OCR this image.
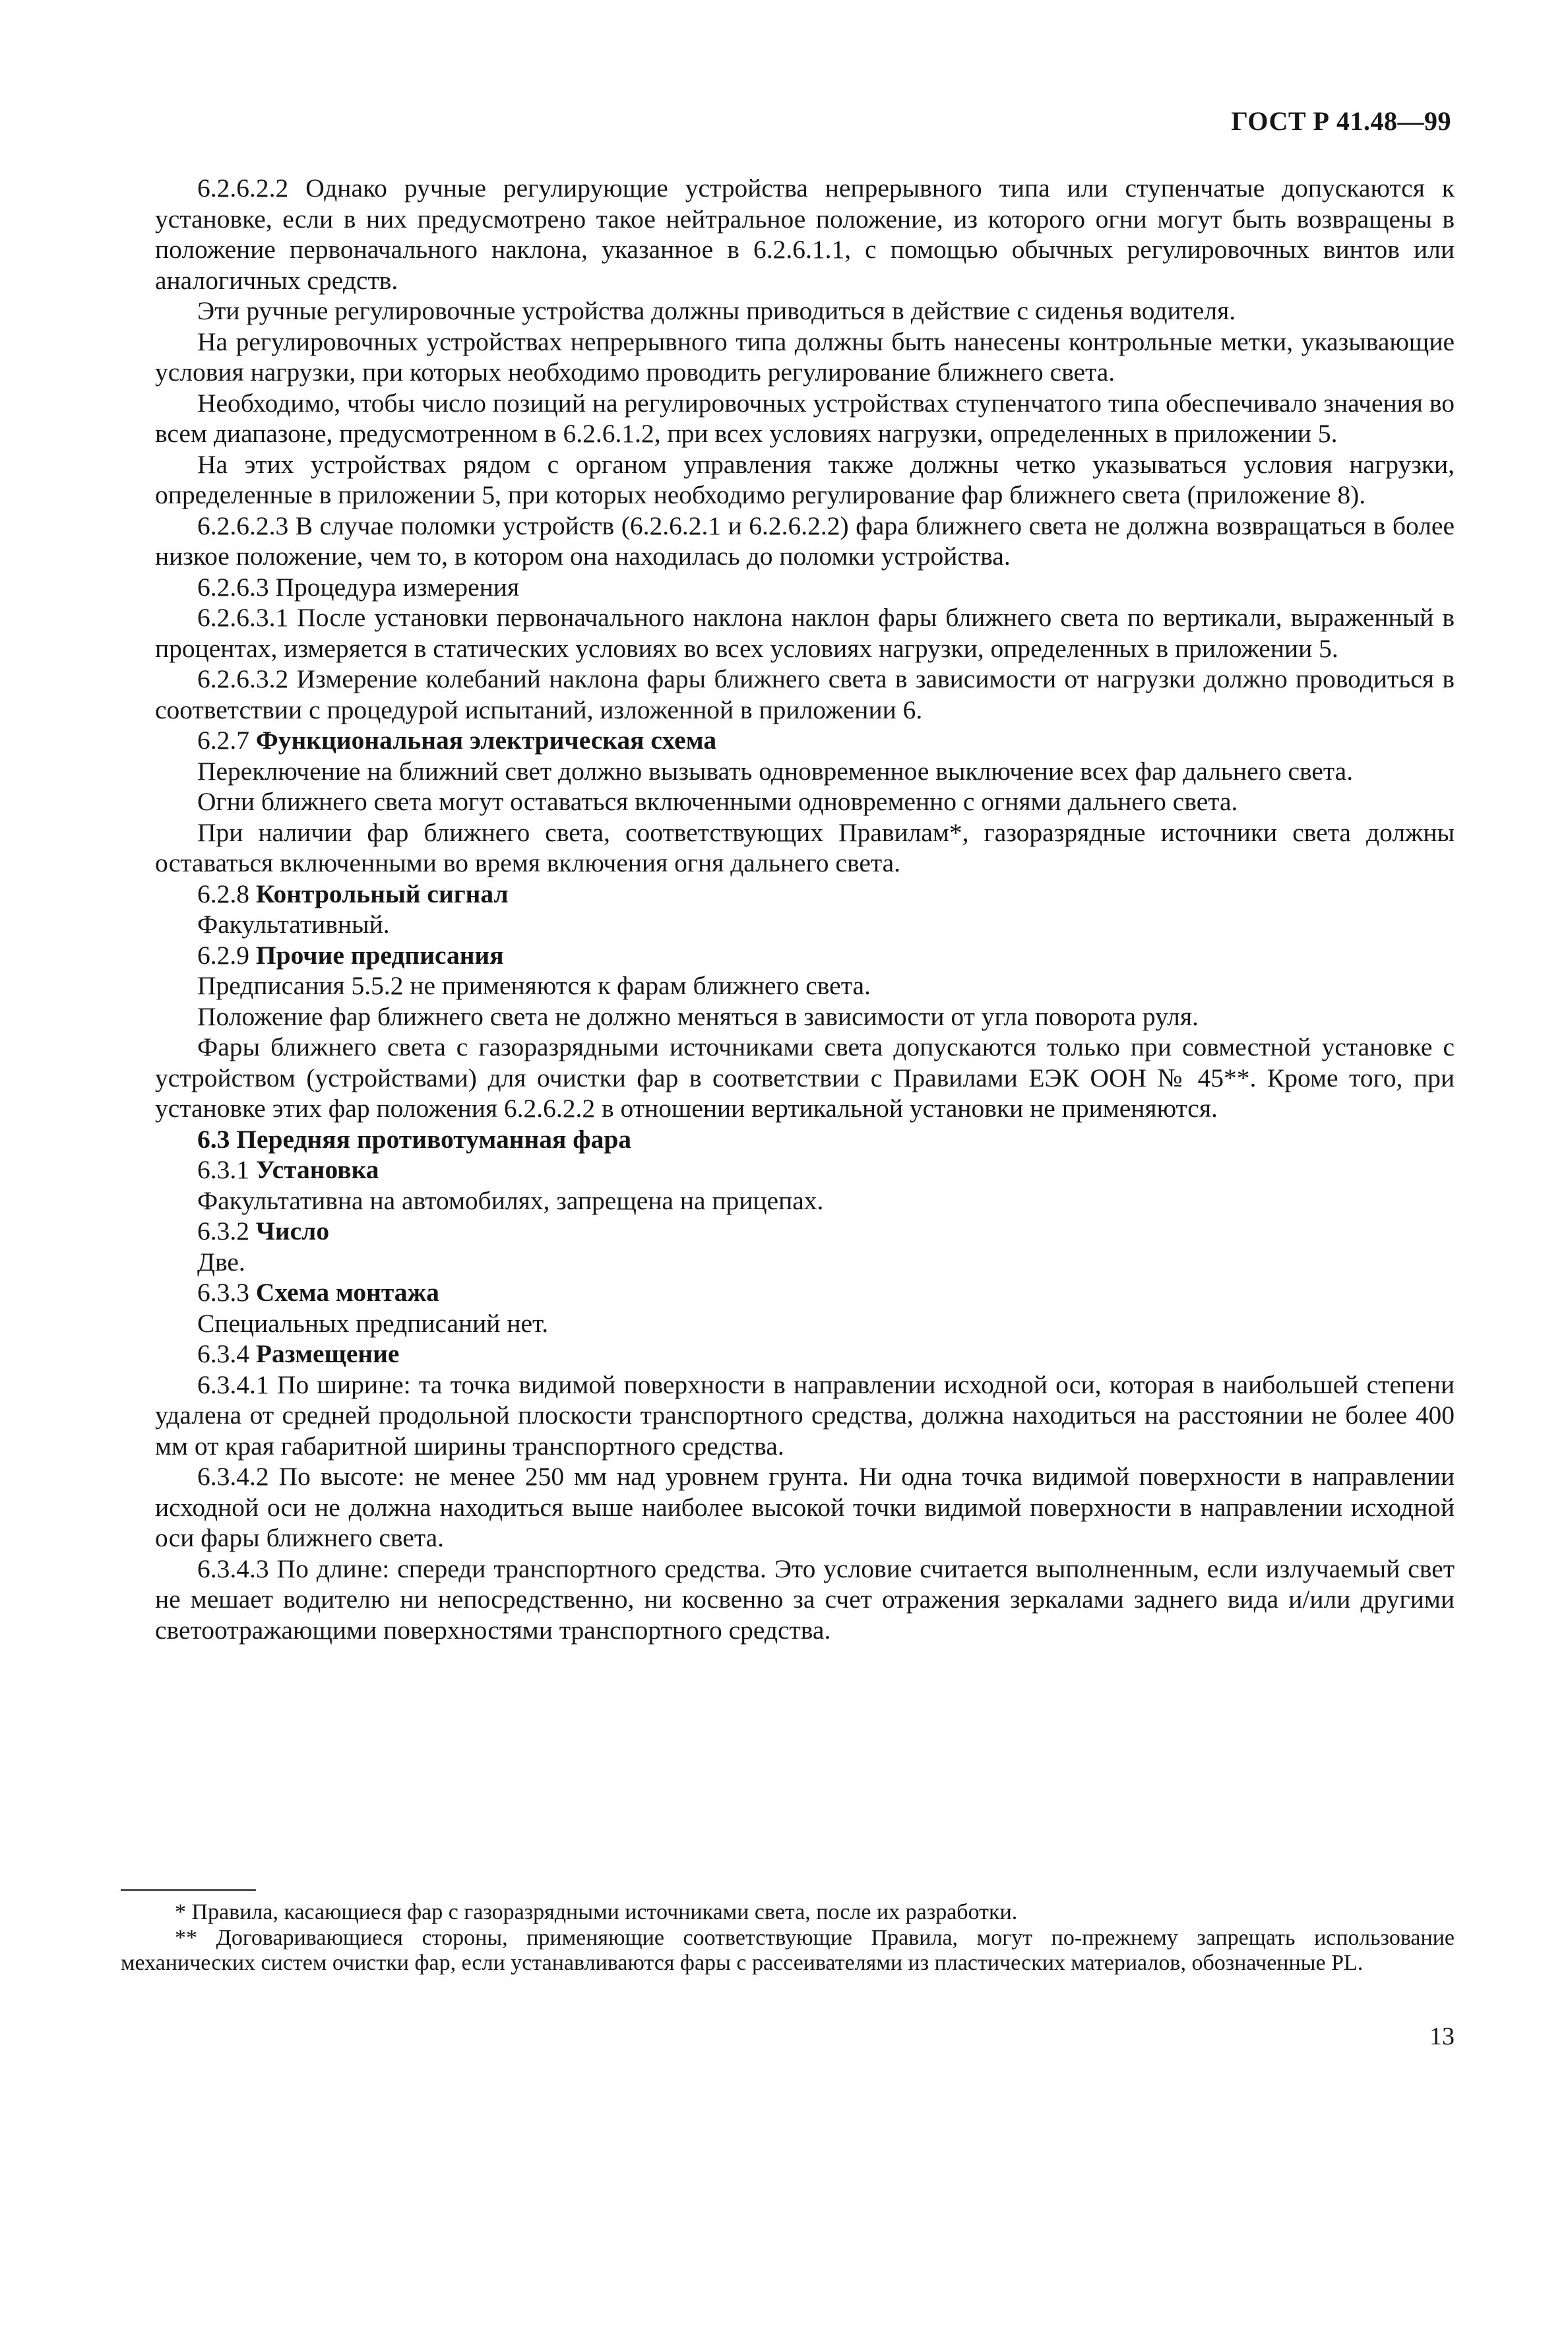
ГОСТ Р 41.48—99

6.2.6.2.2 Однако ручные регулирующие устройства непрерывного типа или ступенчатые допускаются к установке, если в них предусмотрено такое нейтральное положение, из которого огни могут быть возвращены в положение первоначального наклона, указанное в 6.2.6.1.1, с помощью обычных регулировочных винтов или аналогичных средств.

Эти ручные регулировочные устройства должны приводиться в действие с сиденья водителя.

На регулировочных устройствах непрерывного типа должны быть нанесены контрольные метки, указывающие условия нагрузки, при которых необходимо проводить регулирование ближнего света.

Необходимо, чтобы число позиций на регулировочных устройствах ступенчатого типа обеспечивало значения во всем диапазоне, предусмотренном в 6.2.6.1.2, при всех условиях нагрузки, определенных в приложении 5.

На этих устройствах рядом с органом управления также должны четко указываться условия нагрузки, определенные в приложении 5, при которых необходимо регулирование фар ближнего света (приложение 8).

6.2.6.2.3 В случае поломки устройств (6.2.6.2.1 и 6.2.6.2.2) фара ближнего света не должна возвращаться в более низкое положение, чем то, в котором она находилась до поломки устройства.

6.2.6.3 Процедура измерения

6.2.6.3.1 После установки первоначального наклона наклон фары ближнего света по вертикали, выраженный в процентах, измеряется в статических условиях во всех условиях нагрузки, определенных в приложении 5.

6.2.6.3.2 Измерение колебаний наклона фары ближнего света в зависимости от нагрузки должно проводиться в соответствии с процедурой испытаний, изложенной в приложении 6.

6.2.7 Функциональная электрическая схема

Переключение на ближний свет должно вызывать одновременное выключение всех фар дальнего света.

Огни ближнего света могут оставаться включенными одновременно с огнями дальнего света.

При наличии фар ближнего света, соответствующих Правилам*, газоразрядные источники света должны оставаться включенными во время включения огня дальнего света.

6.2.8 Контрольный сигнал

Факультативный.

6.2.9 Прочие предписания

Предписания 5.5.2 не применяются к фарам ближнего света.

Положение фар ближнего света не должно меняться в зависимости от угла поворота руля.

Фары ближнего света с газоразрядными источниками света допускаются только при совместной установке с устройством (устройствами) для очистки фар в соответствии с Правилами ЕЭК ООН № 45**. Кроме того, при установке этих фар положения 6.2.6.2.2 в отношении вертикальной установки не применяются.

6.3 Передняя противотуманная фара

6.3.1 Установка

Факультативна на автомобилях, запрещена на прицепах.

6.3.2 Число

Две.

6.3.3 Схема монтажа

Специальных предписаний нет.

6.3.4 Размещение

6.3.4.1 По ширине: та точка видимой поверхности в направлении исходной оси, которая в наибольшей степени удалена от средней продольной плоскости транспортного средства, должна находиться на расстоянии не более 400 мм от края габаритной ширины транспортного средства.

6.3.4.2 По высоте: не менее 250 мм над уровнем грунта. Ни одна точка видимой поверхности в направлении исходной оси не должна находиться выше наиболее высокой точки видимой поверхности в направлении исходной оси фары ближнего света.

6.3.4.3 По длине: спереди транспортного средства. Это условие считается выполненным, если излучаемый свет не мешает водителю ни непосредственно, ни косвенно за счет отражения зеркалами заднего вида и/или другими светоотражающими поверхностями транспортного средства.

* Правила, касающиеся фар с газоразрядными источниками света, после их разработки.

** Договаривающиеся стороны, применяющие соответствующие Правила, могут по-прежнему запрещать использование механических систем очистки фар, если устанавливаются фары с рассеивателями из пластических материалов, обозначенные PL.

13
